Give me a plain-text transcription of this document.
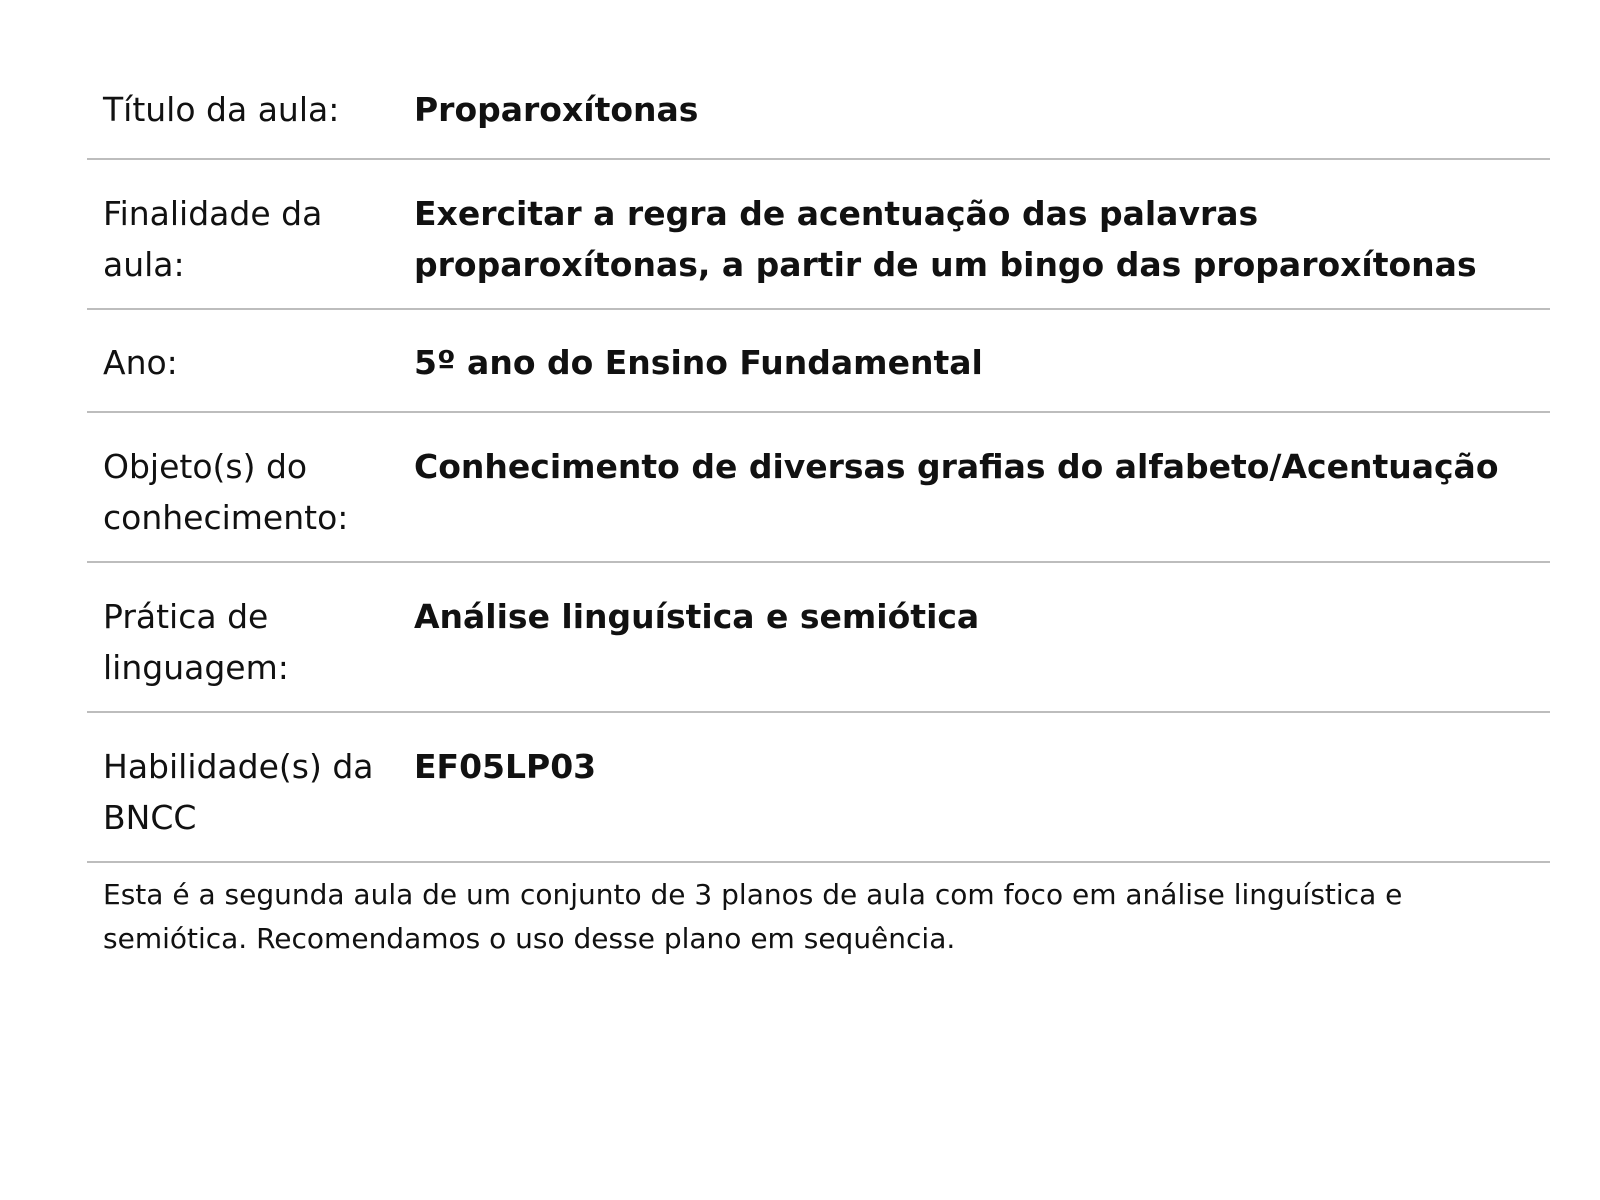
Título da aula:	Proparoxítonas
Finalidade da aula:
Exercitar a regra de acentuação das palavras proparoxítonas, a partir de um bingo das proparoxítonas
Ano:	5º ano do Ensino Fundamental
Objeto(s) do conhecimento:
Conhecimento de diversas grafias do alfabeto/Acentuação
Prática de linguagem:
Análise linguística e semiótica
Habilidade(s) da BNCC
EF05LP03
Esta é a segunda aula de um conjunto de 3 planos de aula com foco em análise linguística e semiótica. Recomendamos o uso desse plano em sequência.
